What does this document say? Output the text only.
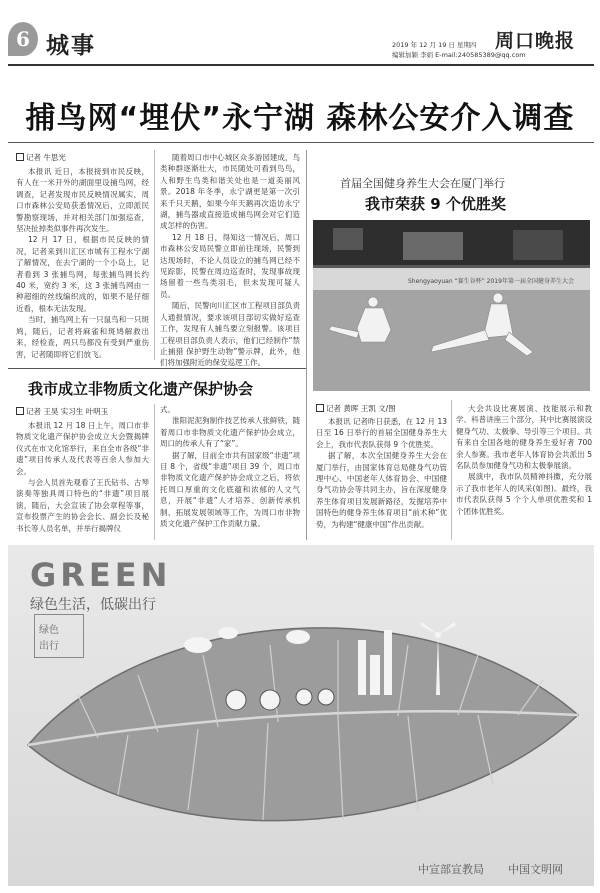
6 城事	2019 年 12 月 19 日 星期四
编辑加颖 李娟 E-mail:240585389@qq.com
周口晚报
捕鸟网“埋伏”永宁湖 森林公安介入调查
记者 牛思光

本报讯 近日，本报接到市民反映，有人在一米开外的湖面里设捕鸟网，经调查，记者发现市民反映情况属实，周口市森林公安局获悉情况后，立即派民警勘察现场，并对相关部门加强巡查，坚决扯掉类似事件再次发生。

12 月 17 日，根据市民反映的情况，记者来到川汇区市城有工程水宁湖了解情况，在去宁湖的一个小岛上，记者看到 3 张捕鸟网，每张捕鸟网长约 40 米，宽约 3 米，这 3 张捕鸟网由一种超细的丝线编织成的，如果不是仔细近看，根本无法发现。

当时，捕鸟网上有一只鼠鸟和一只斑鸠，随后，记者将麻雀和斑鸠解救出来，经检查，两只鸟都没有受到严重伤害，记者随即将它们放飞。

随着周口市中心城区众多游园建成，鸟类种群逐渐壮大，市民随处可看到鸟鸟，人和野生鸟类和谐关处也是一道美丽风景。2018 年冬季，永宁湖更是第一次引来千只天鹅，如果今年天鹅再次造访永宁湖，捕鸟器或直接造成捕鸟网会对它们造成怎样的伤害。

12 月 18 日，得知这一情况后，周口市森林公安局民警立即前往现场，民警到达现场时，不论人员设立的捕鸟网已经不见踪影，民警在周边巡查时，发现事故现场留着一些鸟类羽毛，但未发现可疑人员。

随后，民警向川汇区市工程项目部负责人通报情况，要求该项目部切实做好巡查工作，发现有人捕鸟要立刻报警。该项目工程项目部负责人表示，他们已经制作“禁止捕猎 保护野生动物”警示牌，此外，他们将加强附近的保安巡逻工作。

首届全国健身养生大会在厦门举行
我市荣获 9 个优胜奖
Shengyaoyuan “赛生谷杯” 2019年第一届全国健身养生大会
记者 黄晖 王凯 文/图

本报讯 记者昨日获悉，在 12 月 13 日至 16 日举行的首届全国健身养生大会上，我市代表队获得 9 个优胜奖。

据了解，本次全国健身养生大会在厦门举行，由国家体育总局健身气功管理中心、中国老年人体育协会、中国健身气功协会等共同主办，旨在深度健身养生体育项目发展新路径，发掘培养中国特色的健身养生体育项目“前术种”优势，为构建“健康中国”作出贡献。

大会共设比赛展演、技能展示和教学、科普讲座三个部分，其中比赛展演设健身气功、太极拳、导引等三个项目。共有来自全国各地的健身养生爱好者 700 余人参赛。我市老年人体育协会共派出 5 名队员参加健身气功和太极拳展演。

展演中，我市队员精神抖擞，充分展示了我市老年人的风采(如图)。最终，我市代表队获得 5 个个人单项优胜奖和 1 个团体优胜奖。

我市成立非物质文化遗产保护协会
记者 王昊 实习生 叶明玉

本报讯 12 月 18 日上午，周口市非物质文化遗产保护协会成立大会暨揭牌仪式在市文化馆举行，来自全市各级“非遗”项目传承人及代表等百余人参加大会。

与会人员首先观看了王氏钻书、古琴演奏等独具周口特色的“非遗”项目展演，随后，大会宣读了协会章程等事，宣布投票产生的协会会长、副会长及秘书长等人员名单，并举行揭牌仪

式。

淮阳泥泥狗制作技艺传承人张鲜铁，随着周口市非物质文化遗产保护协会成立，周口的传承人有了“家”。

据了解，目前全市共有国家级“非遗”项目 8 个，省级“非遗”项目 39 个，周口市非物质文化遗产保护协会成立之后，将依托周口厚重的文化底蕴和浓郁的人文气息，开展“非遗”人才培养、创新传承机制、拓展发展领域等工作，为周口市非物质文化遗产保护工作贡献力量。

GREEN
绿色生活，低碳出行
绿色
出行
中宣部宣教局 中国文明网
